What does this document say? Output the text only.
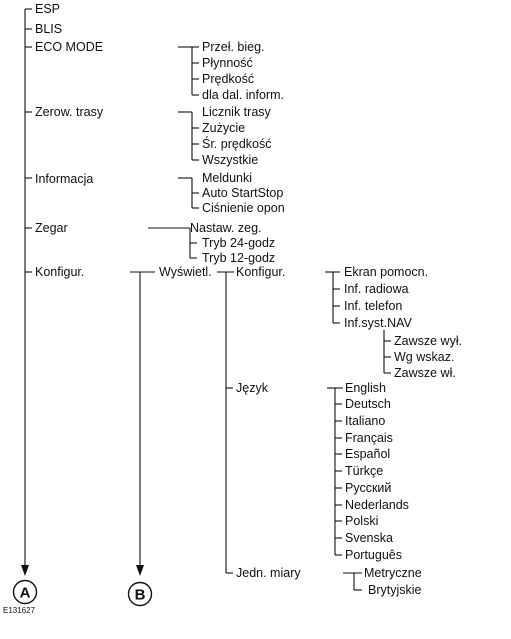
ESP
BLIS
ECO MODE
Zerow. trasy
Informacja
Zegar
Konfigur.
Przeł. bieg.
Płynność
Prędkość
dla dal. inform.
Licznik trasy
Zużycie
Śr. prędkość
Wszystkie
Meldunki
Auto StartStop
Ciśnienie opon
Nastaw. zeg.
Tryb 24-godz
Tryb 12-godz
Wyświetl. Konfigur.
Język
Jedn. miary
Ekran pomocn.
Inf. radiowa
Inf. telefon
Inf.syst.NAV
Zawsze wył.
Wg wskaz.
Zawsze wł.
English
Deutsch
Italiano
Français
Español
Türkçe
Русский
Nederlands
Polski
Svenska
Português
Metryczne
Brytyjskie
A	B
E131627
